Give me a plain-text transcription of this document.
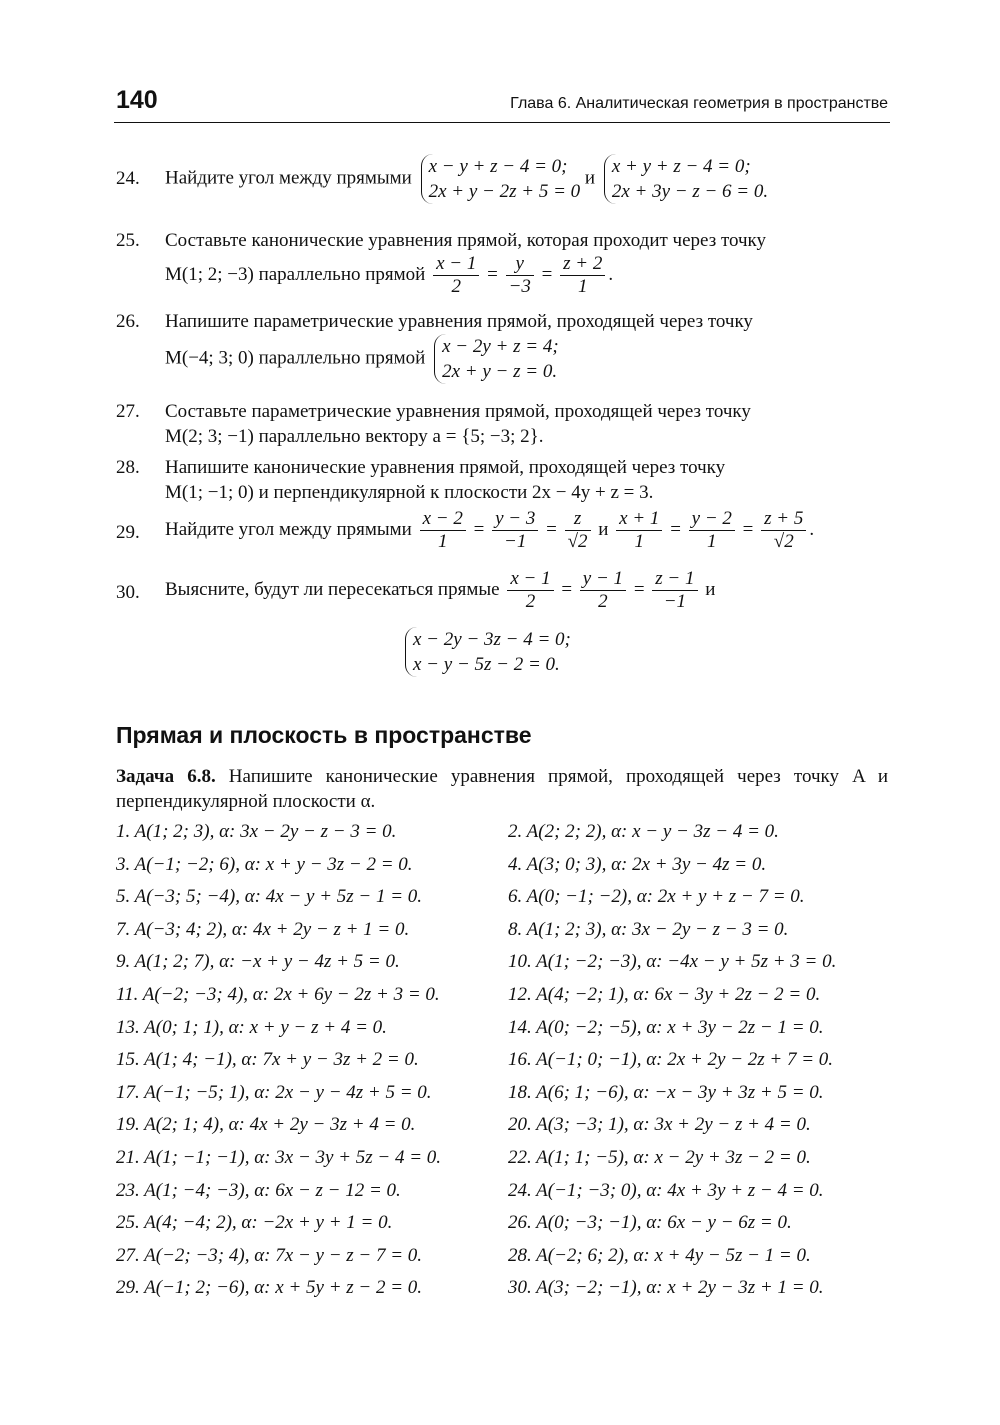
140	Глава 6. Аналитическая геометрия в пространстве
24. Найдите угол между прямыми
x − y + z − 4 = 0;
2x + y − 2z + 5 = 0
и
x + y + z − 4 = 0;
2x + 3y − z − 6 = 0.
25. Составьте канонические уравнения прямой, которая проходит через точку
M(1; 2; −3) параллельно прямой $\frac{x - 1}{2} = \frac{y}{-3} = \frac{z + 2}{1}$ .
26. Напишите параметрические уравнения прямой, проходящей через точку
M(−4; 3; 0) параллельно прямой
x − 2y + z = 4;
2x + y − z = 0.
27. Составьте параметрические уравнения прямой, проходящей через точку
M(2; 3; −1) параллельно вектору a = {5; −3; 2}.
28. Напишите канонические уравнения прямой, проходящей через точку
M(1; −1; 0) и перпендикулярной к плоскости 2x − 4y + z = 3.
29. Найдите угол между прямыми $\frac{x - 2}{1} = \frac{y - 3}{-1} = \frac{z}{√2}$ и $\frac{x + 1}{1} = \frac{y - 2}{1} = \frac{z + 5}{√2}$ .
30. Выясните, будут ли пересекаться прямые $\frac{x - 1}{2} = \frac{y - 1}{2} = \frac{z - 1}{-1}$ и
x − 2y − 3z − 4 = 0;
x − y − 5z − 2 = 0.
Прямая и плоскость в пространстве
Задача 6.8. Напишите канонические уравнения прямой, проходящей через точку A и перпендикулярной плоскости α.
1. A(1; 2; 3), α: 3x − 2y − z − 3 = 0.
3. A(−1; −2; 6), α: x + y − 3z − 2 = 0.
5. A(−3; 5; −4), α: 4x − y + 5z − 1 = 0.
7. A(−3; 4; 2), α: 4x + 2y − z + 1 = 0.
9. A(1; 2; 7), α: −x + y − 4z + 5 = 0.
11. A(−2; −3; 4), α: 2x + 6y − 2z + 3 = 0.
13. A(0; 1; 1), α: x + y − z + 4 = 0.
15. A(1; 4; −1), α: 7x + y − 3z + 2 = 0.
17. A(−1; −5; 1), α: 2x − y − 4z + 5 = 0.
19. A(2; 1; 4), α: 4x + 2y − 3z + 4 = 0.
21. A(1; −1; −1), α: 3x − 3y + 5z − 4 = 0.
23. A(1; −4; −3), α: 6x − z − 12 = 0.
25. A(4; −4; 2), α: −2x + y + 1 = 0.
27. A(−2; −3; 4), α: 7x − y − z − 7 = 0.
29. A(−1; 2; −6), α: x + 5y + z − 2 = 0.
2. A(2; 2; 2), α: x − y − 3z − 4 = 0.
4. A(3; 0; 3), α: 2x + 3y − 4z = 0.
6. A(0; −1; −2), α: 2x + y + z − 7 = 0.
8. A(1; 2; 3), α: 3x − 2y − z − 3 = 0.
10. A(1; −2; −3), α: −4x − y + 5z + 3 = 0.
12. A(4; −2; 1), α: 6x − 3y + 2z − 2 = 0.
14. A(0; −2; −5), α: x + 3y − 2z − 1 = 0.
16. A(−1; 0; −1), α: 2x + 2y − 2z + 7 = 0.
18. A(6; 1; −6), α: −x − 3y + 3z + 5 = 0.
20. A(3; −3; 1), α: 3x + 2y − z + 4 = 0.
22. A(1; 1; −5), α: x − 2y + 3z − 2 = 0.
24. A(−1; −3; 0), α: 4x + 3y + z − 4 = 0.
26. A(0; −3; −1), α: 6x − y − 6z = 0.
28. A(−2; 6; 2), α: x + 4y − 5z − 1 = 0.
30. A(3; −2; −1), α: x + 2y − 3z + 1 = 0.
